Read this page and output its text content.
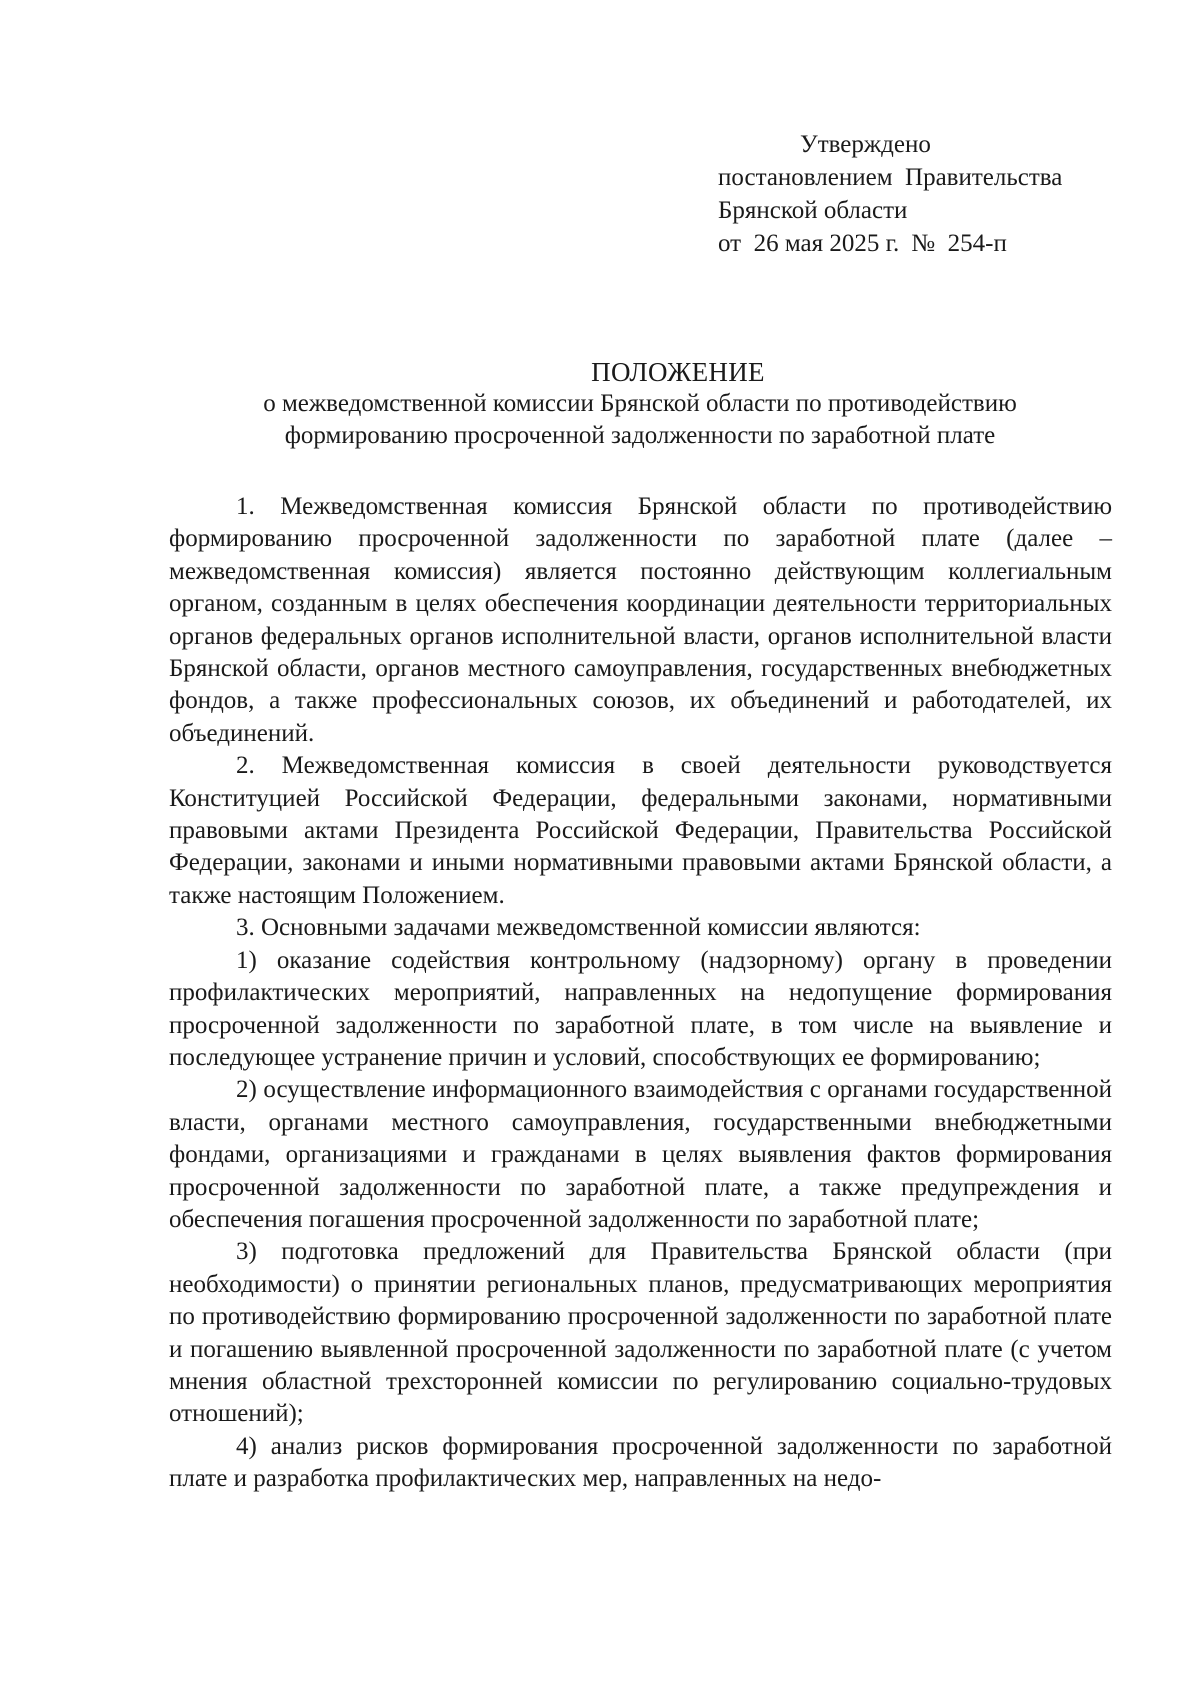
Утверждено
постановлением  Правительства
Брянской области
от  26 мая 2025 г. №  254-п
ПОЛОЖЕНИЕ
о межведомственной комиссии Брянской области по противодействию
формированию просроченной задолженности по заработной плате

1. Межведомственная комиссия Брянской области по противодействию формированию просроченной задолженности по заработной плате (далее – межведомственная комиссия) является постоянно действующим коллегиальным органом, созданным в целях обеспечения координации деятельности территориальных органов федеральных органов исполнительной власти, органов исполнительной власти Брянской области, органов местного самоуправления, государственных внебюджетных фондов, а также профессиональных союзов, их объединений и работодателей, их объединений.

2. Межведомственная комиссия в своей деятельности руководствуется Конституцией Российской Федерации, федеральными законами, нормативными правовыми актами Президента Российской Федерации, Правительства Российской Федерации, законами и иными нормативными правовыми актами Брянской области, а также настоящим Положением.

3. Основными задачами межведомственной комиссии являются:

1) оказание содействия контрольному (надзорному) органу в проведении профилактических мероприятий, направленных на недопущение формирования просроченной задолженности по заработной плате, в том числе на выявление и последующее устранение причин и условий, способствующих ее формированию;

2) осуществление информационного взаимодействия с органами государственной власти, органами местного самоуправления, государственными внебюджетными фондами, организациями и гражданами в целях выявления фактов формирования просроченной задолженности по заработной плате, а также предупреждения и обеспечения погашения просроченной задолженности по заработной плате;

3) подготовка предложений для Правительства Брянской области (при необходимости) о принятии региональных планов, предусматривающих мероприятия по противодействию формированию просроченной задолженности по заработной плате и погашению выявленной просроченной задолженности по заработной плате (с учетом мнения областной трехсторонней комиссии по регулированию социально-трудовых отношений);

4) анализ рисков формирования просроченной задолженности по заработной плате и разработка профилактических мер, направленных на недо-
